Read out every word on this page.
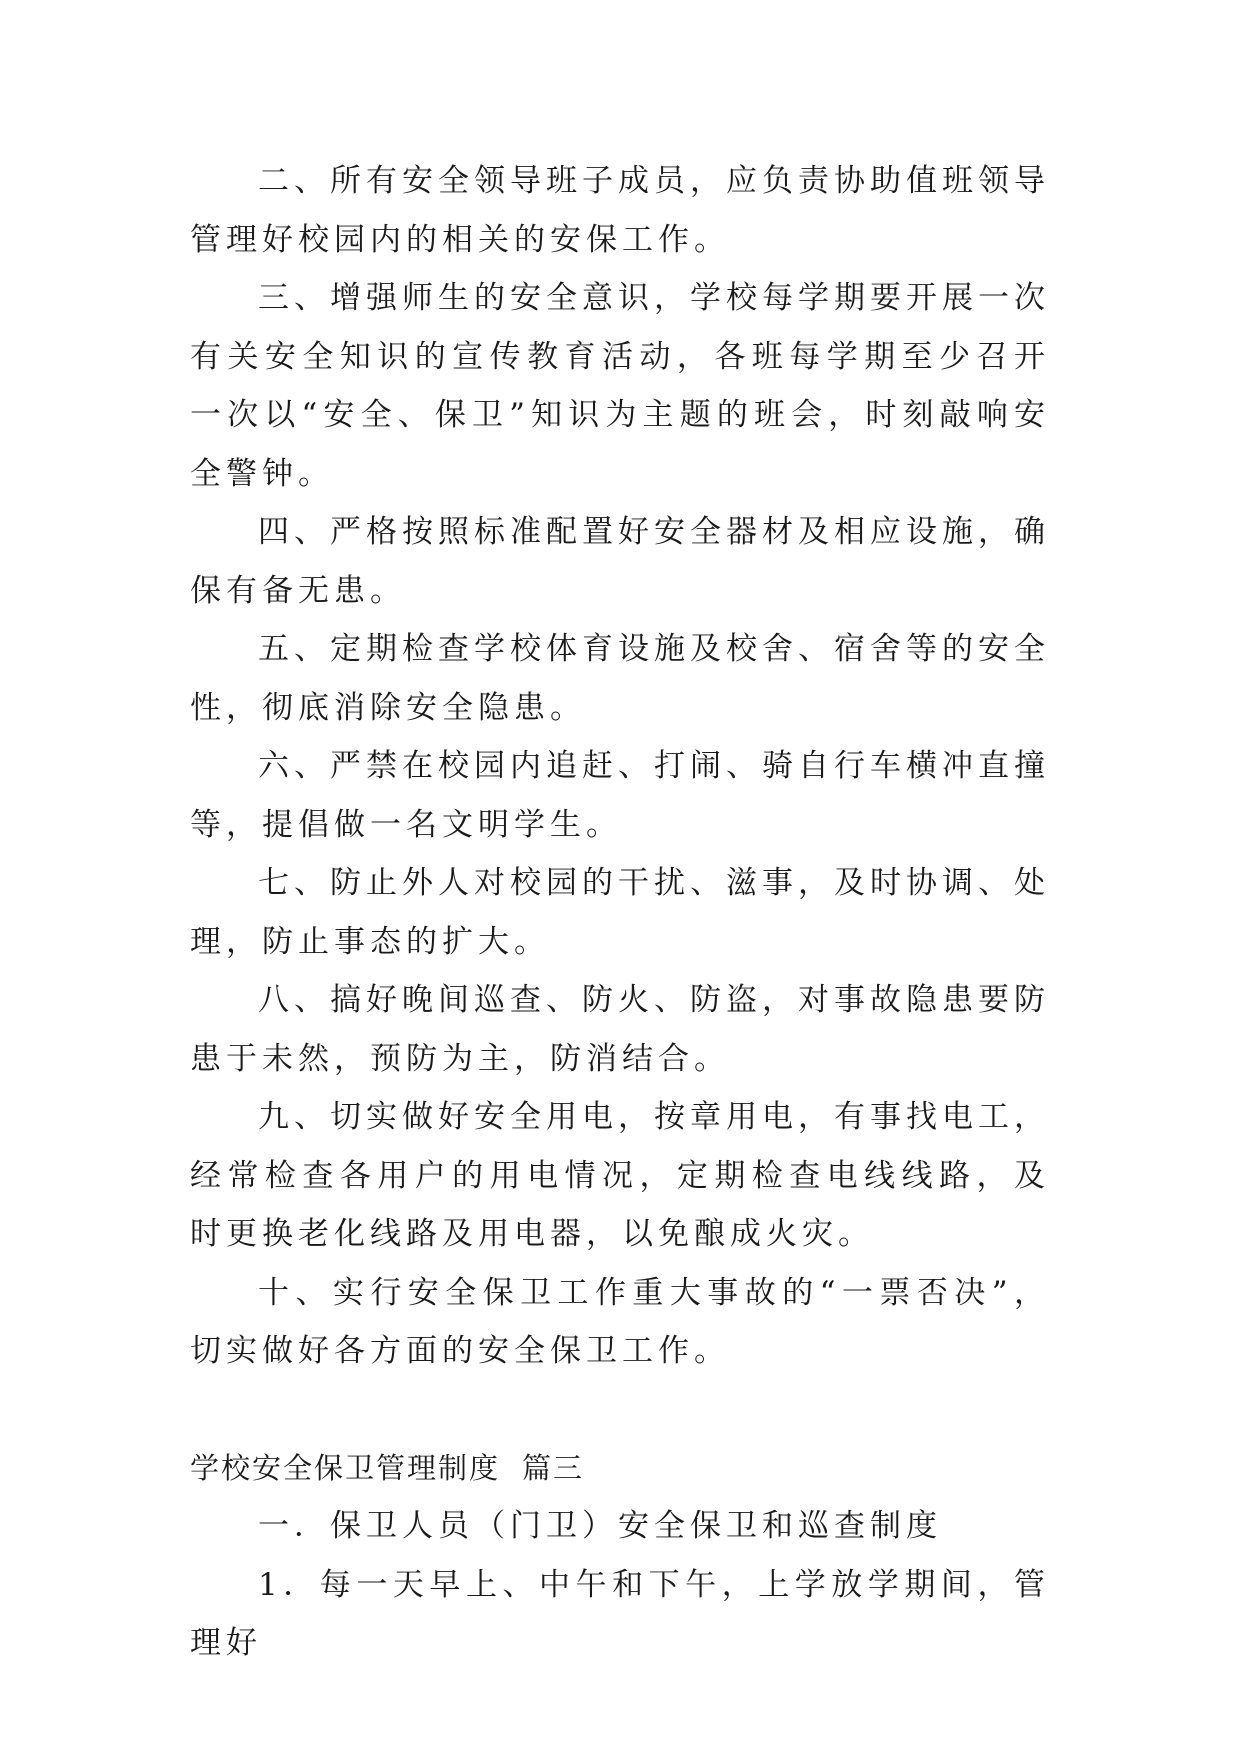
二、所有安全领导班子成员，应负责协助值班领导管理好校园内的相关的安保工作。

三、增强师生的安全意识，学校每学期要开展一次有关安全知识的宣传教育活动，各班每学期至少召开一次以“安全、保卫”知识为主题的班会，时刻敲响安全警钟。

四、严格按照标准配置好安全器材及相应设施，确保有备无患。

五、定期检查学校体育设施及校舍、宿舍等的安全性，彻底消除安全隐患。

六、严禁在校园内追赶、打闹、骑自行车横冲直撞等，提倡做一名文明学生。

七、防止外人对校园的干扰、滋事，及时协调、处理，防止事态的扩大。

八、搞好晚间巡查、防火、防盗，对事故隐患要防患于未然，预防为主，防消结合。

九、切实做好安全用电，按章用电，有事找电工，经常检查各用户的用电情况，定期检查电线线路，及时更换老化线路及用电器，以免酿成火灾。

十、实行安全保卫工作重大事故的“一票否决”，切实做好各方面的安全保卫工作。

学校安全保卫管理制度 篇三

一．保卫人员（门卫）安全保卫和巡查制度

1．每一天早上、中午和下午，上学放学期间，管理好
